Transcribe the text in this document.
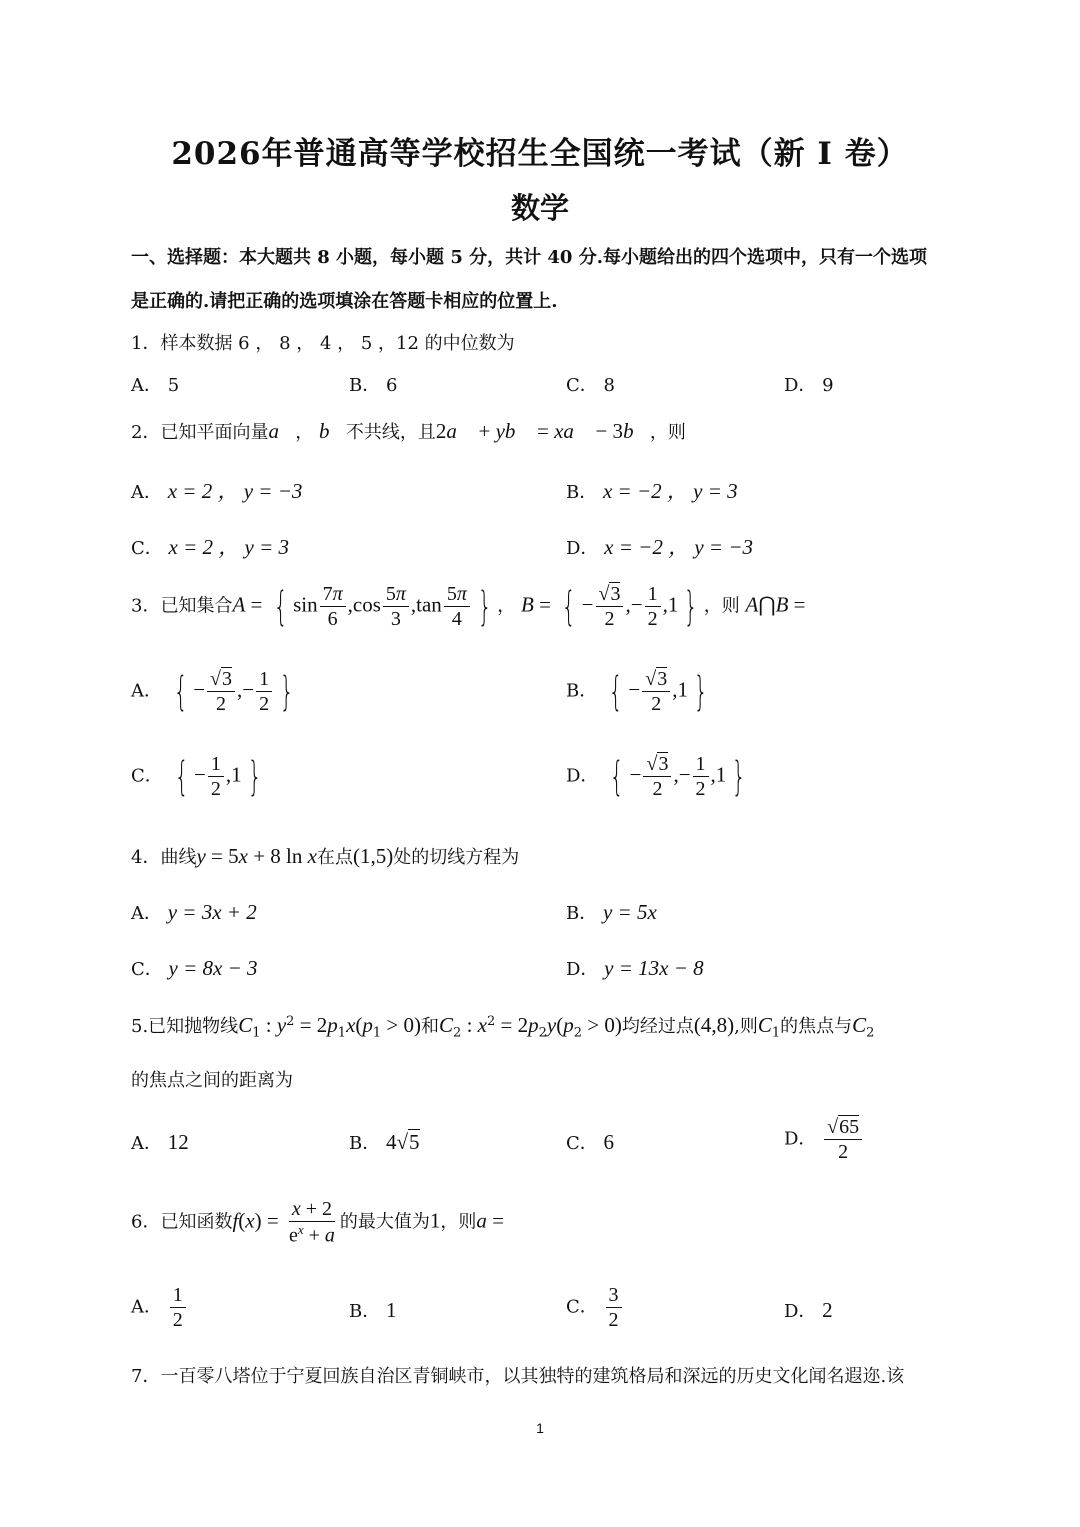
2026年普通高等学校招生全国统一考试（新 I 卷）
数学
一、选择题：本大题共 8 小题，每小题 5 分，共计 40 分.每小题给出的四个选项中，只有一个选项
是正确的.请把正确的选项填涂在答题卡相应的位置上.
1．样本数据 6 ， 8 ， 4 ， 5 ，12 的中位数为
A． 5	B． 6	C． 8	D． 9
2．已知平面向量a⃗， b⃗不共线，且2a⃗ + yb⃗ = xa⃗ − 3b⃗，则
A． x = 2 ， y = −3	B． x = −2 ， y = 3
C． x = 2 ， y = 3	D． x = −2 ， y = −3
3．已知集合A = { $\sin \frac{7\pi}{6} ,\cos \frac{5\pi}{3} ,\tan \frac{5\pi}{4}$ } ， B = { − $\frac{√3}{2}$ ,− $\frac{1}{2} ,1$ } ，则 A⋂B =
A． { − $\frac{√3}{2}$ ,− $\frac{1}{2}$ }	B． { − $\frac{√3}{2} ,1$ }
C． { − $\frac{1}{2} ,1$ }	D． { − $\frac{√3}{2}$ ,− $\frac{1}{2} ,1$ }
4．曲线y = 5x + 8 ln x在点(1,5)处的切线方程为
A． y = 3x + 2	B． y = 5x
C． y = 8x − 3	D． y = 13x − 8
5.已知抛物线$C_1$ : $y^2 = 2p_1x(p_1 > 0)$和$C_2$ : $x^2 = 2p_2y(p_2 > 0)$均经过点(4,8),则$C_1$的焦点与$C_2$
的焦点之间的距离为
A． 12	B． 4√5	C． 6	D． $\frac{√65}{2}$
6．已知函数$f(x) = \frac{x + 2}{e^x + a}$ 的最大值为1，则a =
A． $\frac{1}{2}$	B． 1	C． $\frac{3}{2}$	D． 2
7．一百零八塔位于宁夏回族自治区青铜峡市，以其独特的建筑格局和深远的历史文化闻名遐迩.该
1
